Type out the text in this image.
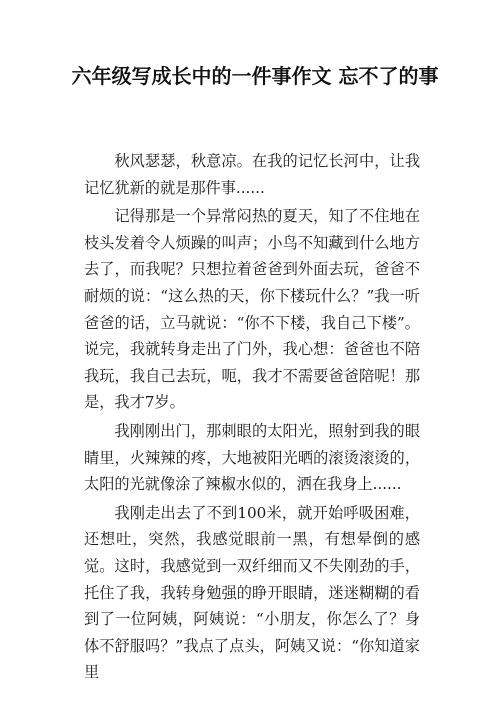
六年级写成长中的一件事作文 忘不了的事

秋风瑟瑟，秋意凉。在我的记忆长河中，让我记忆犹新的就是那件事......

记得那是一个异常闷热的夏天，知了不住地在枝头发着令人烦躁的叫声；小鸟不知藏到什么地方去了，而我呢？只想拉着爸爸到外面去玩，爸爸不耐烦的说：“这么热的天，你下楼玩什么？”我一听爸爸的话，立马就说：“你不下楼，我自己下楼”。说完，我就转身走出了门外，我心想：爸爸也不陪我玩，我自己去玩，呃，我才不需要爸爸陪呢！那是，我才7岁。

我刚刚出门，那刺眼的太阳光，照射到我的眼睛里，火辣辣的疼，大地被阳光晒的滚烫滚烫的，太阳的光就像涂了辣椒水似的，洒在我身上......

我刚走出去了不到100米，就开始呼吸困难，还想吐，突然，我感觉眼前一黑，有想晕倒的感觉。这时，我感觉到一双纤细而又不失刚劲的手，托住了我，我转身勉强的睁开眼睛，迷迷糊糊的看到了一位阿姨，阿姨说：“小朋友，你怎么了？身体不舒服吗？”我点了点头，阿姨又说：“你知道家里
